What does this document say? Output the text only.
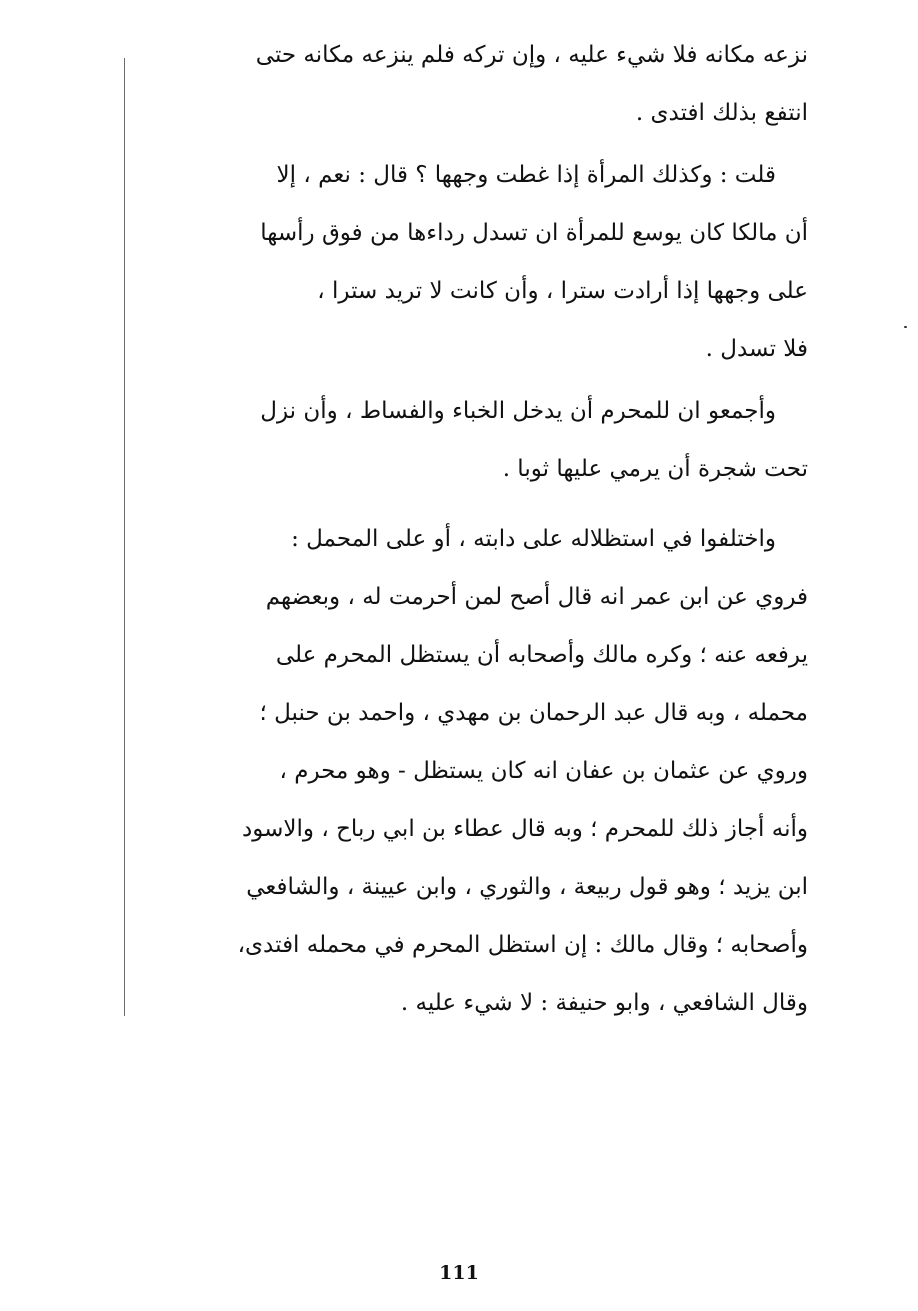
نزعه مكانه فلا شيء عليه ، وإن تركه فلم ينزعه مكانه حتى
انتفع بذلك افتدى .
قلت : وكذلك المرأة إذا غطت وجهها ؟ قال : نعم ، إلا
أن مالكا كان يوسع للمرأة ان تسدل رداءها من فوق رأسها
على وجهها إذا أرادت سترا ، وأن كانت لا تريد سترا ،
فلا تسدل .
وأجمعو ان للمحرم أن يدخل الخباء والفساط ، وأن نزل
تحت شجرة أن يرمي عليها ثوبا .
واختلفوا في استظلاله على دابته ، أو على المحمل :
فروي عن ابن عمر انه قال أصح لمن أحرمت له ، وبعضهم
يرفعه عنه ؛ وكره مالك وأصحابه أن يستظل المحرم على
محمله ، وبه قال عبد الرحمان بن مهدي ، واحمد بن حنبل ؛
وروي عن عثمان بن عفان انه كان يستظل - وهو محرم ،
وأنه أجاز ذلك للمحرم ؛ وبه قال عطاء بن ابي رباح ، والاسود
ابن يزيد ؛ وهو قول ربيعة ، والثوري ، وابن عيينة ، والشافعي
وأصحابه ؛ وقال مالك : إن استظل المحرم في محمله افتدى،
وقال الشافعي ، وابو حنيفة : لا شيء عليه .
111
